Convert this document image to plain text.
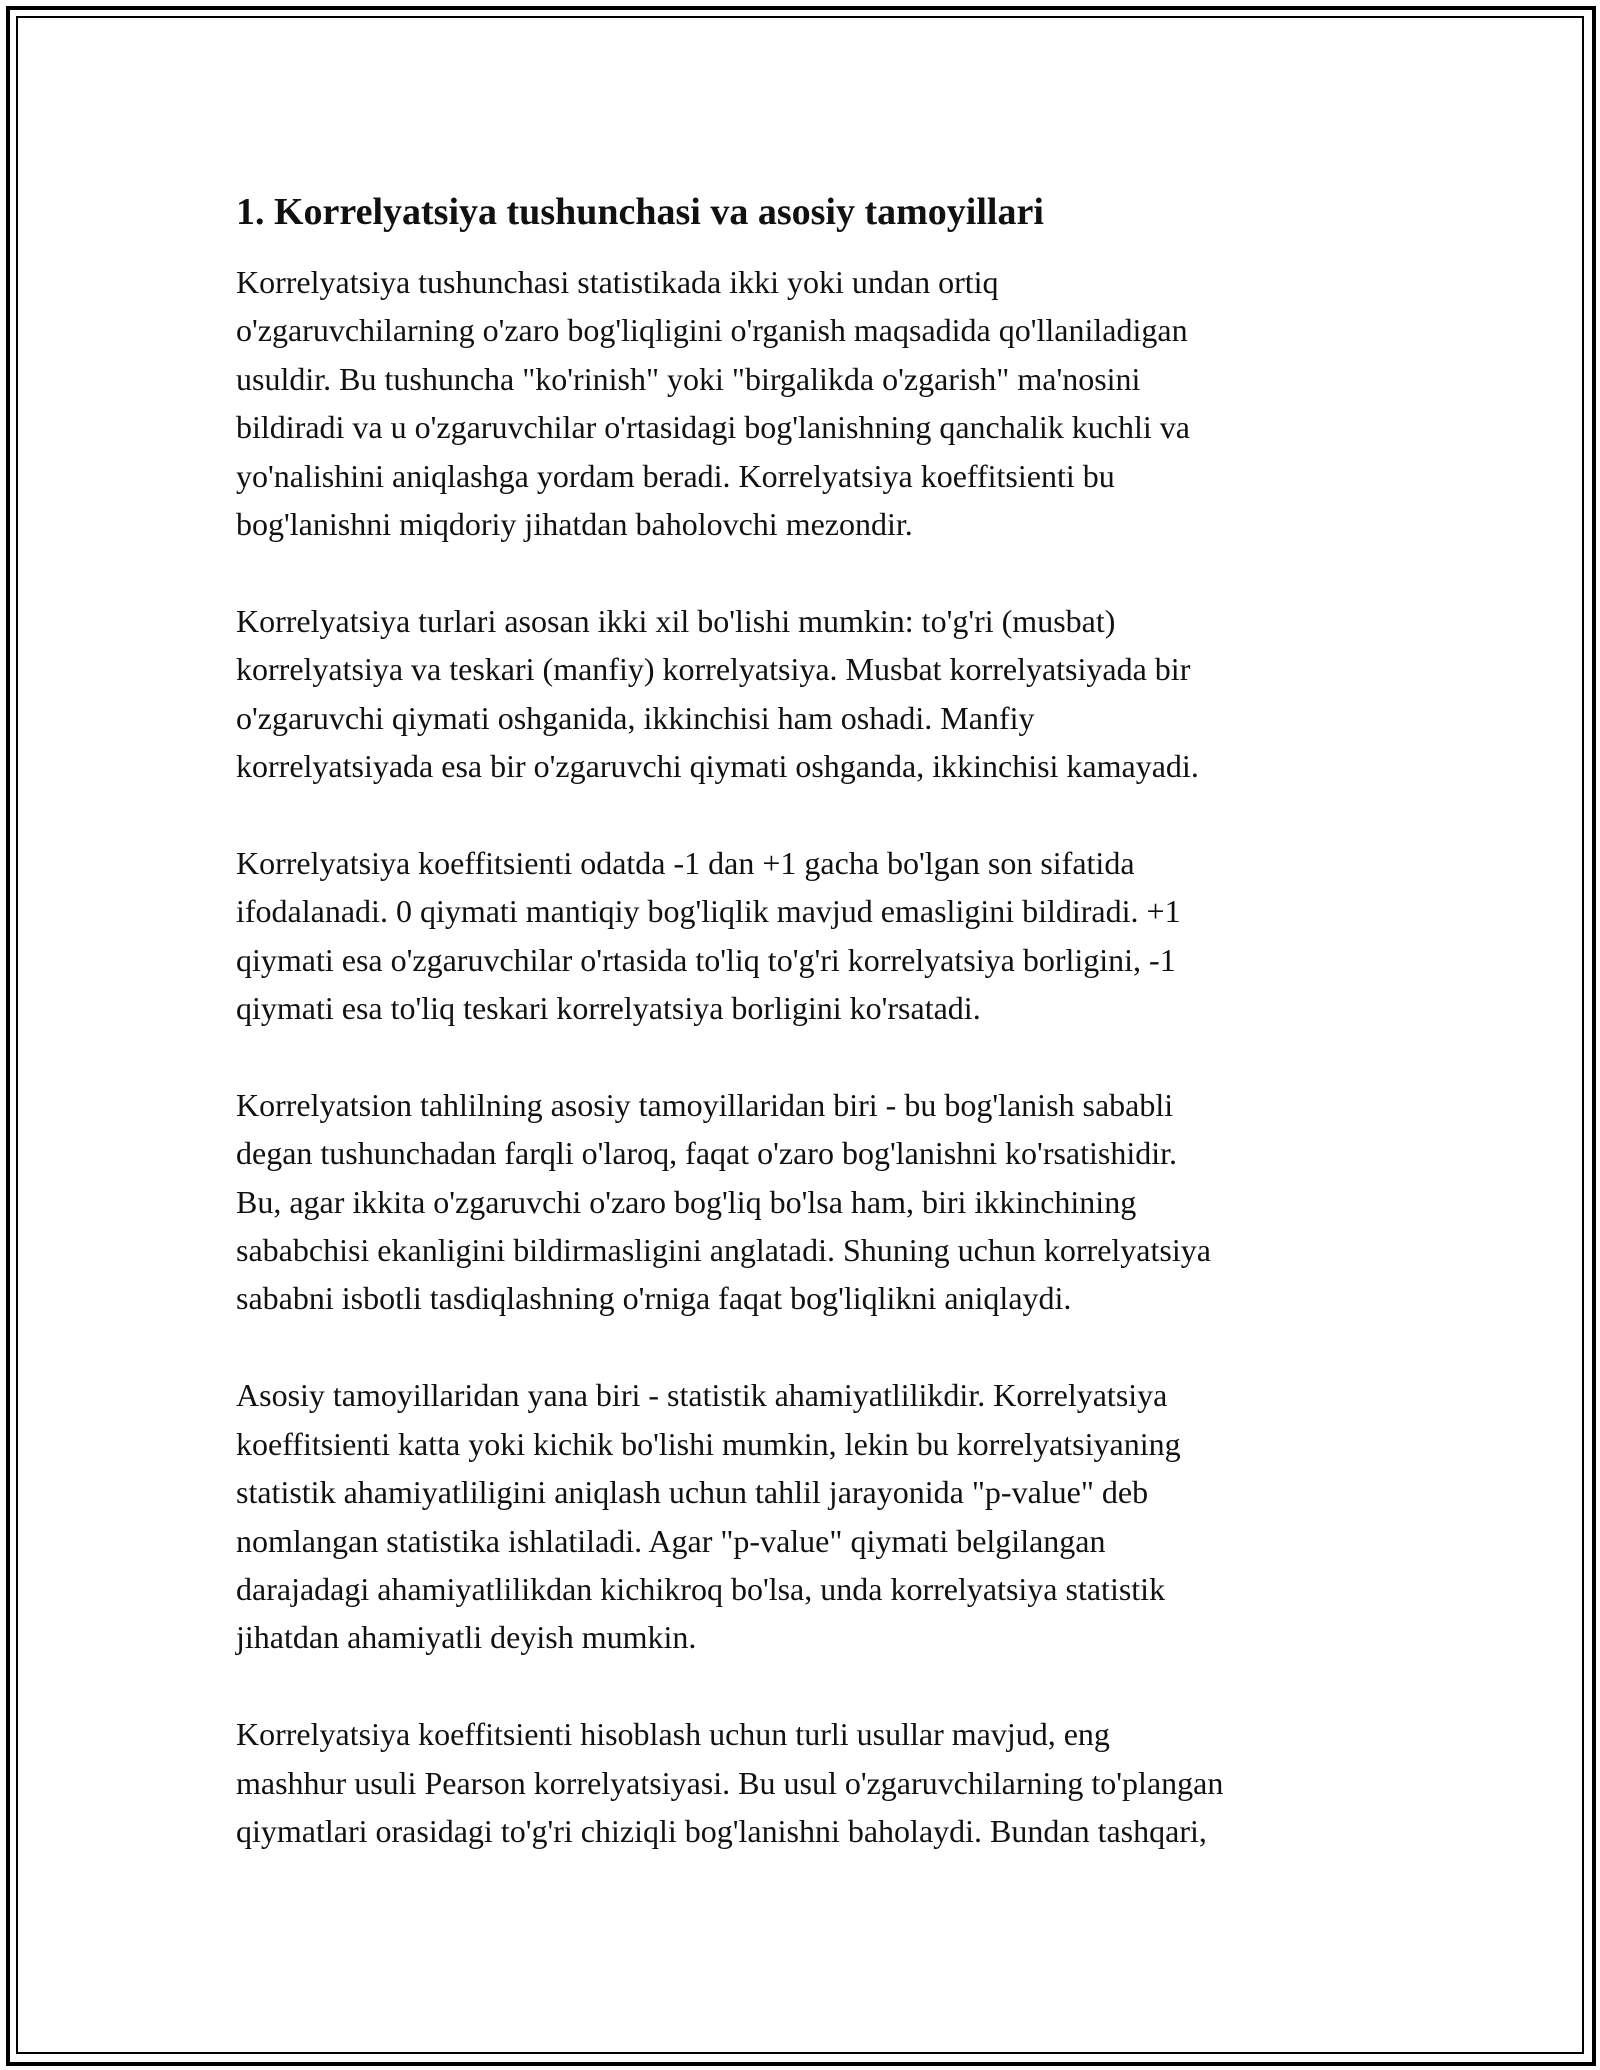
1. Korrelyatsiya tushunchasi va asosiy tamoyillari
Korrelyatsiya tushunchasi statistikada ikki yoki undan ortiq
o'zgaruvchilarning o'zaro bog'liqligini o'rganish maqsadida qo'llaniladigan
usuldir. Bu tushuncha "ko'rinish" yoki "birgalikda o'zgarish" ma'nosini
bildiradi va u o'zgaruvchilar o'rtasidagi bog'lanishning qanchalik kuchli va
yo'nalishini aniqlashga yordam beradi. Korrelyatsiya koeffitsienti bu
bog'lanishni miqdoriy jihatdan baholovchi mezondir.
Korrelyatsiya turlari asosan ikki xil bo'lishi mumkin: to'g'ri (musbat)
korrelyatsiya va teskari (manfiy) korrelyatsiya. Musbat korrelyatsiyada bir
o'zgaruvchi qiymati oshganida, ikkinchisi ham oshadi. Manfiy
korrelyatsiyada esa bir o'zgaruvchi qiymati oshganda, ikkinchisi kamayadi.
Korrelyatsiya koeffitsienti odatda -1 dan +1 gacha bo'lgan son sifatida
ifodalanadi. 0 qiymati mantiqiy bog'liqlik mavjud emasligini bildiradi. +1
qiymati esa o'zgaruvchilar o'rtasida to'liq to'g'ri korrelyatsiya borligini, -1
qiymati esa to'liq teskari korrelyatsiya borligini ko'rsatadi.
Korrelyatsion tahlilning asosiy tamoyillaridan biri - bu bog'lanish sababli
degan tushunchadan farqli o'laroq, faqat o'zaro bog'lanishni ko'rsatishidir.
Bu, agar ikkita o'zgaruvchi o'zaro bog'liq bo'lsa ham, biri ikkinchining
sababchisi ekanligini bildirmasligini anglatadi. Shuning uchun korrelyatsiya
sababni isbotli tasdiqlashning o'rniga faqat bog'liqlikni aniqlaydi.
Asosiy tamoyillaridan yana biri - statistik ahamiyatlilikdir. Korrelyatsiya
koeffitsienti katta yoki kichik bo'lishi mumkin, lekin bu korrelyatsiyaning
statistik ahamiyatliligini aniqlash uchun tahlil jarayonida "p-value" deb
nomlangan statistika ishlatiladi. Agar "p-value" qiymati belgilangan
darajadagi ahamiyatlilikdan kichikroq bo'lsa, unda korrelyatsiya statistik
jihatdan ahamiyatli deyish mumkin.
Korrelyatsiya koeffitsienti hisoblash uchun turli usullar mavjud, eng
mashhur usuli Pearson korrelyatsiyasi. Bu usul o'zgaruvchilarning to'plangan
qiymatlari orasidagi to'g'ri chiziqli bog'lanishni baholaydi. Bundan tashqari,
